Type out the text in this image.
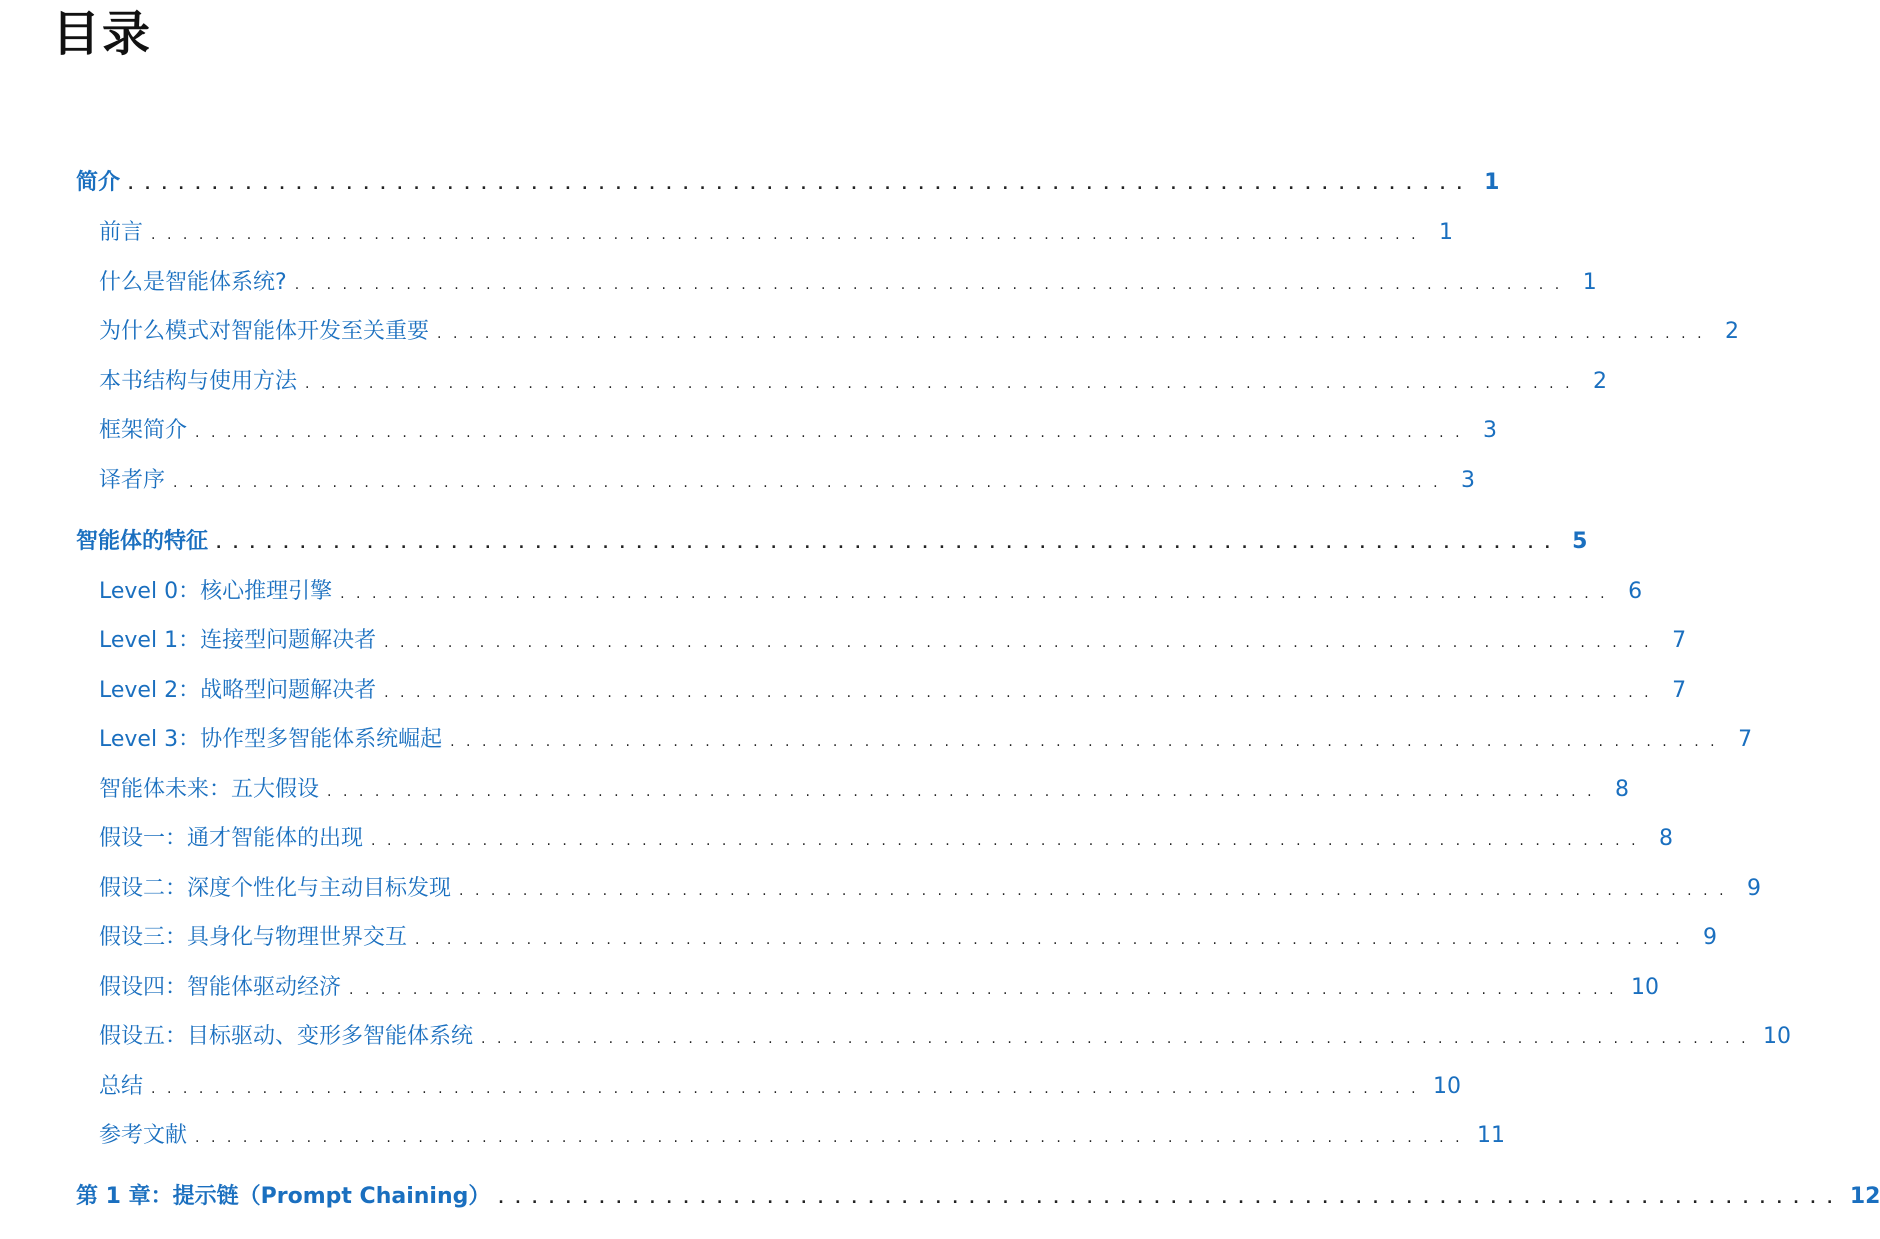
目录
简介 ................................................................................ 1
前言 ................................................................................ 1
什么是智能体系统? ................................................................................ 1
为什么模式对智能体开发至关重要 ................................................................................ 2
本书结构与使用方法 ................................................................................ 2
框架简介 ................................................................................ 3
译者序 ................................................................................ 3
智能体的特征 ................................................................................ 5
Level 0：核心推理引擎 ................................................................................ 6
Level 1：连接型问题解决者 ................................................................................ 7
Level 2：战略型问题解决者 ................................................................................ 7
Level 3：协作型多智能体系统崛起 ................................................................................ 7
智能体未来：五大假设 ................................................................................ 8
假设一：通才智能体的出现 ................................................................................ 8
假设二：深度个性化与主动目标发现 ................................................................................ 9
假设三：具身化与物理世界交互 ................................................................................ 9
假设四：智能体驱动经济 ................................................................................ 10
假设五：目标驱动、变形多智能体系统 ................................................................................ 10
总结 ................................................................................ 10
参考文献 ................................................................................ 11
第 1 章：提示链（Prompt Chaining） ................................................................................ 12
